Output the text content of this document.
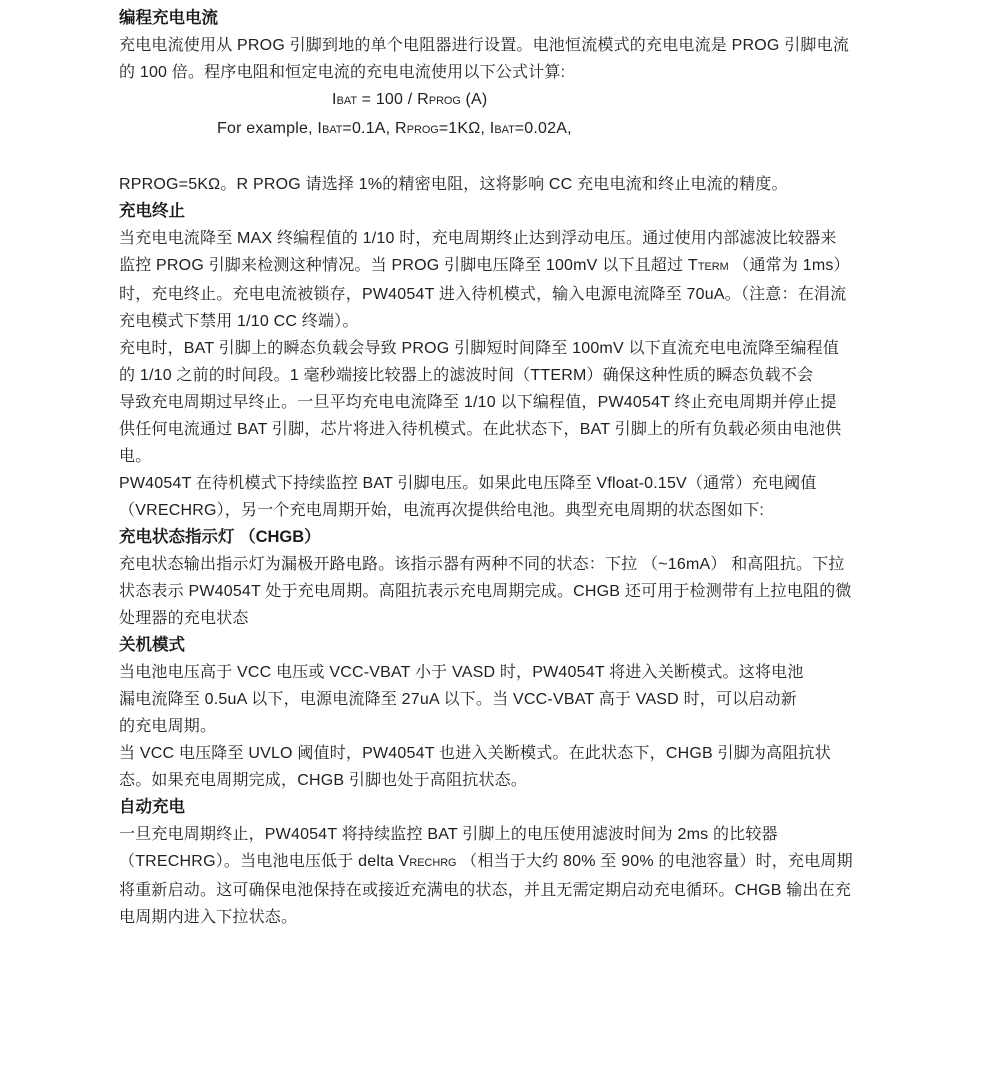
编程充电电流
充电电流使用从 PROG 引脚到地的单个电阻器进行设置。电池恒流模式的充电电流是 PROG 引脚电流
的 100 倍。程序电阻和恒定电流的充电电流使用以下公式计算:
IBAT = 100 / RPROG (A)
For example, IBAT=0.1A, RPROG=1KΩ, IBAT=0.02A,
RPROG=5KΩ。R PROG 请选择 1%的精密电阻，这将影响 CC 充电电流和终止电流的精度。
充电终止
当充电电流降至 MAX 终编程值的 1/10 时，充电周期终止达到浮动电压。通过使用内部滤波比较器来
监控 PROG 引脚来检测这种情况。当 PROG 引脚电压降至 100mV 以下且超过 TTERM （通常为 1ms）
时，充电终止。充电电流被锁存，PW4054T 进入待机模式，输入电源电流降至 70uA。（注意：在涓流
充电模式下禁用 1/10 CC 终端）。
充电时，BAT 引脚上的瞬态负载会导致 PROG 引脚短时间降至 100mV 以下直流充电电流降至编程值
的 1/10 之前的时间段。1 毫秒端接比较器上的滤波时间（TTERM）确保这种性质的瞬态负载不会
导致充电周期过早终止。一旦平均充电电流降至 1/10 以下编程值，PW4054T 终止充电周期并停止提
供任何电流通过 BAT 引脚，芯片将进入待机模式。在此状态下，BAT 引脚上的所有负载必须由电池供
电。
PW4054T 在待机模式下持续监控 BAT 引脚电压。如果此电压降至 Vfloat-0.15V（通常）充电阈值
（VRECHRG），另一个充电周期开始，电流再次提供给电池。典型充电周期的状态图如下:
充电状态指示灯 （CHGB）
充电状态输出指示灯为漏极开路电路。该指示器有两种不同的状态：下拉 （~16mA） 和高阻抗。下拉
状态表示 PW4054T 处于充电周期。高阻抗表示充电周期完成。CHGB 还可用于检测带有上拉电阻的微
处理器的充电状态
关机模式
当电池电压高于 VCC 电压或 VCC-VBAT 小于 VASD 时，PW4054T 将进入关断模式。这将电池
漏电流降至 0.5uA 以下，电源电流降至 27uA 以下。当 VCC-VBAT 高于 VASD 时，可以启动新
的充电周期。
当 VCC 电压降至 UVLO 阈值时，PW4054T 也进入关断模式。在此状态下，CHGB 引脚为高阻抗状
态。如果充电周期完成，CHGB 引脚也处于高阻抗状态。
自动充电
一旦充电周期终止，PW4054T 将持续监控 BAT 引脚上的电压使用滤波时间为 2ms 的比较器
（TRECHRG）。当电池电压低于 delta VRECHRG （相当于大约 80% 至 90% 的电池容量）时，充电周期
将重新启动。这可确保电池保持在或接近充满电的状态，并且无需定期启动充电循环。CHGB 输出在充
电周期内进入下拉状态。
